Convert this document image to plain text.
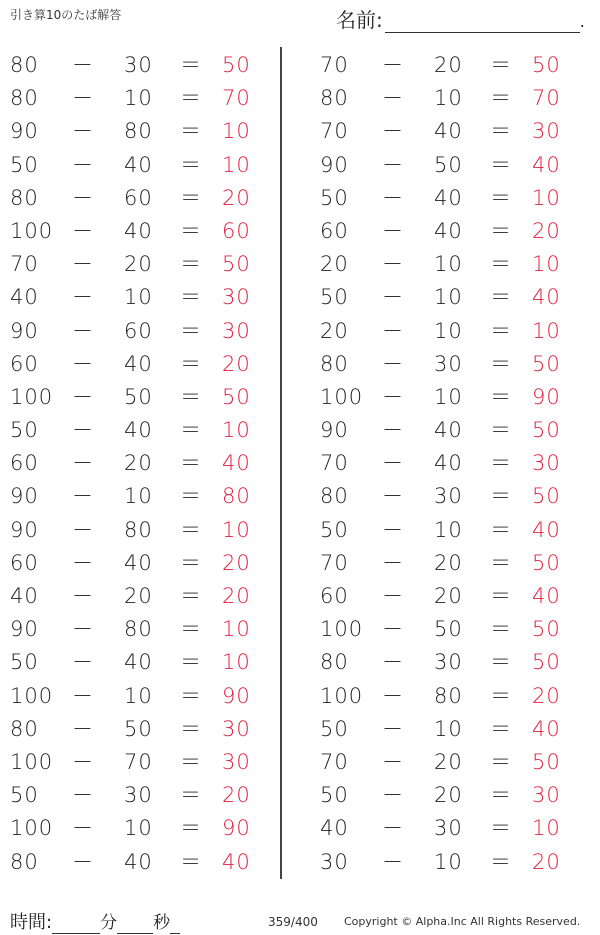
引き算10のたば解答	名前:	.
80 － 30 ＝ 50
80 － 10 ＝ 70
90 － 80 ＝ 10
50 － 40 ＝ 10
80 － 60 ＝ 20
100 － 40 ＝ 60
70 － 20 ＝ 50
40 － 10 ＝ 30
90 － 60 ＝ 30
60 － 40 ＝ 20
100 － 50 ＝ 50
50 － 40 ＝ 10
60 － 20 ＝ 40
90 － 10 ＝ 80
90 － 80 ＝ 10
60 － 40 ＝ 20
40 － 20 ＝ 20
90 － 80 ＝ 10
50 － 40 ＝ 10
100 － 10 ＝ 90
80 － 50 ＝ 30
100 － 70 ＝ 30
50 － 30 ＝ 20
100 － 10 ＝ 90
80 － 40 ＝ 40
70 － 20 ＝ 50
80 － 10 ＝ 70
70 － 40 ＝ 30
90 － 50 ＝ 40
50 － 40 ＝ 10
60 － 40 ＝ 20
20 － 10 ＝ 10
50 － 10 ＝ 40
20 － 10 ＝ 10
80 － 30 ＝ 50
100 － 10 ＝ 90
90 － 40 ＝ 50
70 － 40 ＝ 30
80 － 30 ＝ 50
50 － 10 ＝ 40
70 － 20 ＝ 50
60 － 20 ＝ 40
100 － 50 ＝ 50
80 － 30 ＝ 50
100 － 80 ＝ 20
50 － 10 ＝ 40
70 － 20 ＝ 50
50 － 20 ＝ 30
40 － 30 ＝ 10
30 － 10 ＝ 20
時間:	分 秒	359/400 Copyright © Alpha.Inc All Rights Reserved.
